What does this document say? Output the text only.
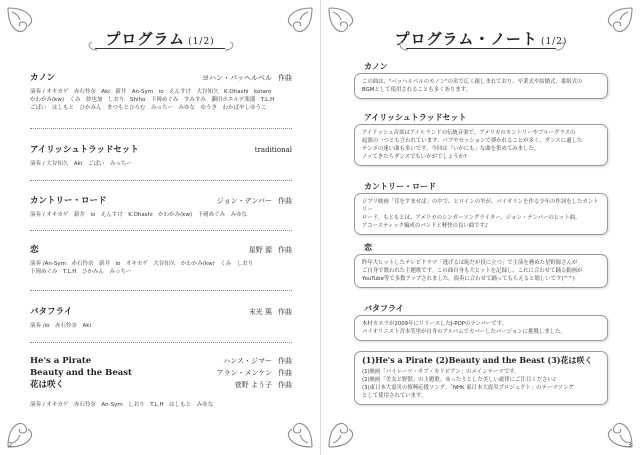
プログラム (1/2)
カノン	ヨハン・パッヘルベル 作曲
演奏 / オキカゲ　赤石怜奈　Aki　新井　An-Sym　io　えんすけ　大谷知久　K.Ohashi　kotaro
かわかみ(kw)　くみ　紗也加　しおり　Shiho　下岡めぐみ　すみすみ　瀬田ホエルデ楽器　T.L.H
ごぱい　はしもと　ひかみん　まつもとひろむ　みっちー　みゆな　ゆうき　わかばやしゆうこ
アイリッシュトラッドセット	traditional
演奏 / 大谷知久　Aki　ごぱい　みっちー
カントリー・ロード	ジョン・デンバー 作曲
演奏 / オキカゲ　新井　io　えんすけ　K.Ohashi　かわかみ(kw)　下岡めぐみ　みゆな
恋	星野 源 作曲
演奏 /An-Sym　赤石怜奈　新井　io　オキカゲ　大谷知久　かわかみ(kw)　くみ　しおり
下岡めぐみ　T.L.H　ひかみん　みっちー
バタフライ	末光 篤 作曲
演奏 /io　赤石怜奈　Aki
He's a Pirate	ハンス・ジマー 作曲
Beauty and the Beast	アラン・メンケン 作曲
花は咲く	菅野 よう子 作曲
演奏 / オキカゲ　赤石怜奈　An-Sym　しおり　T.L.H　はしもと　みゆな
2
プログラム・ノート (1/2)
3
カノン
この曲は、"パッヘルベルのカノン"の名で広く親しまれており、卒業式や結婚式、番組式の
BGMとして使用されることも多くあります。
アイリッシュトラッドセット
アイリッシュ音楽はアイルランドの伝統音楽で、アメリカのカントリーやブルーグラスの
起源の一つとも言われています。パブやセッションで弾かれることが多く、ダンスに適した
テンポの速い曲も多いです。今回は「いかにも」な曲を集めてみました。
ノッてきたらダンスでもいかがでしょうか?
カントリー・ロード
ジブリ映画「耳をすませば」の中で、ヒロインの雫が、バイオリンを作る少年の作詞をしたカントリー
ロード。もともとは、アメリカのシンガーソングライター、ジョン・デンバーのヒット曲。
アコースティック編成のバンドと軽快の良い曲です♪
恋
昨年大ヒットしたテレビドラマ「逃げるは恥だが役に立つ」で主演を務めた星野源さんが
ご自身で歌われた主題歌です。この曲自身も大ヒットを記録し、これに合わせて踊る動画が
YouTube等で多数アップされました。演奏に合わせて踊ってもらえると嬉しいです(^^)
バタフライ
木村カエラが2009年にリリースしたJ-POPのナンバーです。
バイオリニスト宮本笑里が自身のアルバムでカバーしたバージョンに挑戦しました。
(1)He's a Pirate (2)Beauty and the Beast (3)花は咲く
(1)映画「パイレーツ・オブ・カリビアン」のメインテーマです。
(2)映画「美女と野獣」の主題歌。ゆったりとした美しい旋律にご注目ください♪
(3)東日本大震災の復興応援ソング。「NHK 東日本大震災プロジェクト」のテーマソング
として使用されています。
